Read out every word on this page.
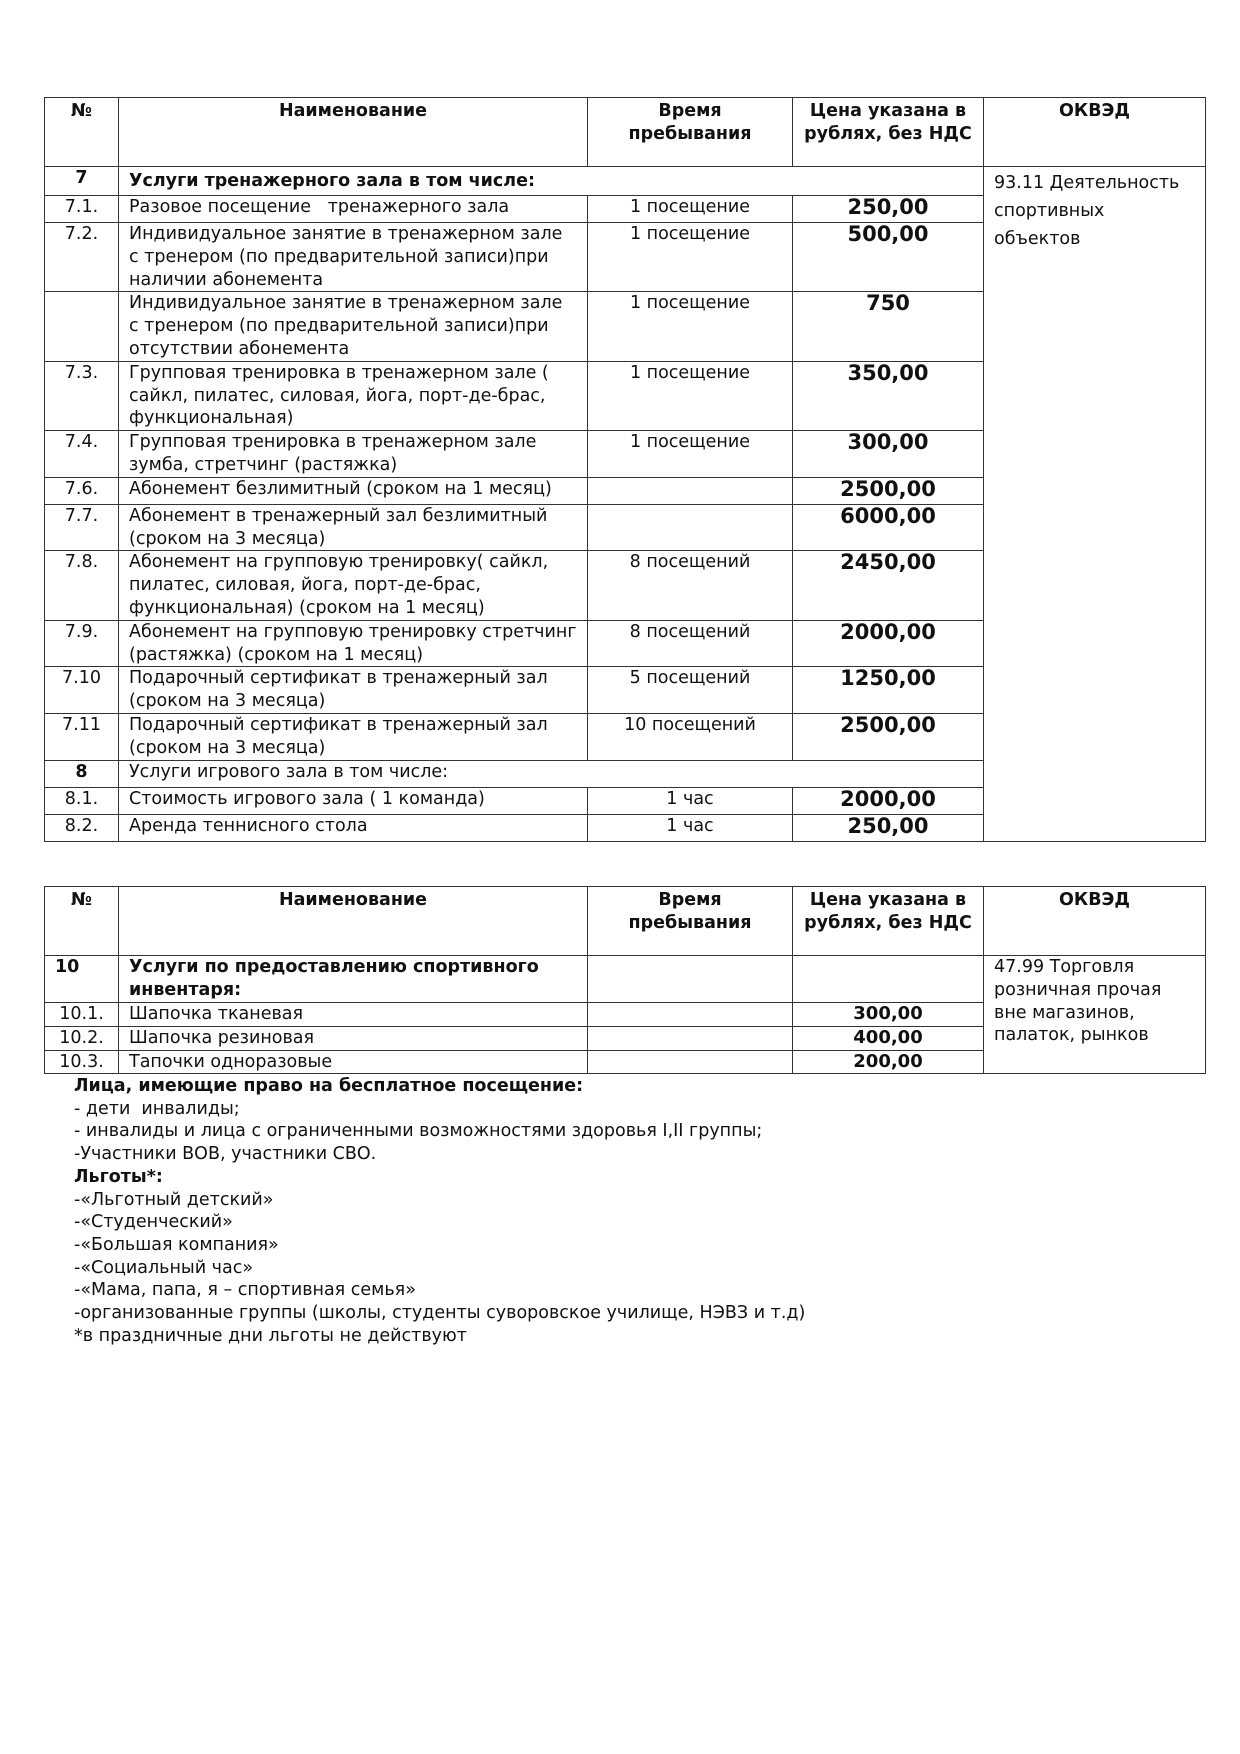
№	Наименование	Время пребывания	Цена указана в рублях, без НДС	ОКВЭД
7	Услуги тренажерного зала в том числе:			93.11 Деятельность спортивных объектов
7.1.	Разовое посещение   тренажерного зала	1 посещение	250,00	
7.2.	Индивидуальное занятие в тренажерном зале с тренером (по предварительной записи)при наличии абонемента	1 посещение	500,00	
	Индивидуальное занятие в тренажерном зале с тренером (по предварительной записи)при отсутствии абонемента	1 посещение	750	
7.3.	Групповая тренировка в тренажерном зале ( сайкл, пилатес, силовая, йога, порт-де-брас, функциональная)	1 посещение	350,00	
7.4.	Групповая тренировка в тренажерном зале зумба, стретчинг (растяжка)	1 посещение	300,00	
7.6.	Абонемент безлимитный (сроком на 1 месяц)		2500,00	
7.7.	Абонемент в тренажерный зал безлимитный (сроком на 3 месяца)		6000,00	
7.8.	Абонемент на групповую тренировку( сайкл, пилатес, силовая, йога, порт-де-брас, функциональная) (сроком на 1 месяц)	8 посещений	2450,00	
7.9.	Абонемент на групповую тренировку стретчинг (растяжка) (сроком на 1 месяц)	8 посещений	2000,00	
7.10	Подарочный сертификат в тренажерный зал (сроком на 3 месяца)	5 посещений	1250,00	
7.11	Подарочный сертификат в тренажерный зал (сроком на 3 месяца)	10 посещений	2500,00	
8	Услуги игрового зала в том числе:			
8.1.	Стоимость игрового зала ( 1 команда)	1 час	2000,00	
8.2.	Аренда теннисного стола	1 час	250,00	
№	Наименование	Время пребывания	Цена указана в рублях, без НДС	ОКВЭД
10	Услуги по предоставлению спортивного инвентаря:			47.99 Торговля розничная прочая вне магазинов, палаток, рынков
10.1.	Шапочка тканевая		300,00	
10.2.	Шапочка резиновая		400,00	
10.3.	Тапочки одноразовые		200,00	
Лица, имеющие право на бесплатное посещение:
- дети  инвалиды;
- инвалиды и лица с ограниченными возможностями здоровья I,II группы;
-Участники ВОВ, участники СВО.
Льготы*:
-«Льготный детский»
-«Студенческий»
-«Большая компания»
-«Социальный час»
-«Мама, папа, я – спортивная семья»
-организованные группы (школы, студенты суворовское училище, НЭВЗ и т.д)
*в праздничные дни льготы не действуют
